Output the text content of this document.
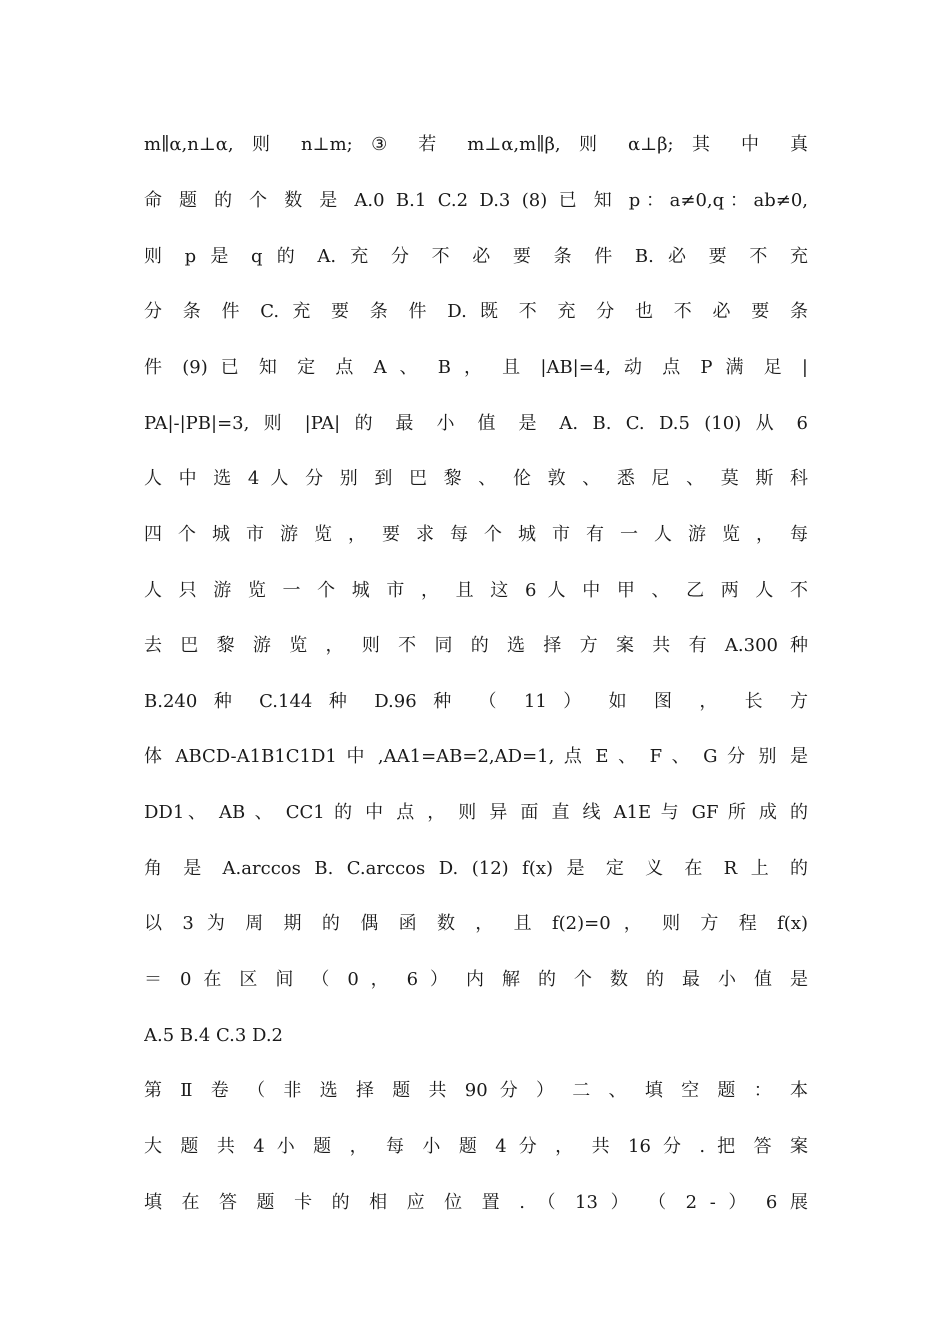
m∥α,n⊥α, 则 n⊥m; ③ 若 m⊥α,m∥β, 则 α⊥β; 其 中 真
命 题 的 个 数 是 A.0 B.1 C.2 D.3 (8) 已 知 p：a≠0,q：ab≠0,
则 p 是 q 的 A. 充 分 不 必 要 条 件 B. 必 要 不 充
分 条 件 C. 充 要 条 件 D. 既 不 充 分 也 不 必 要 条
件 (9) 已 知 定 点 A 、 B ， 且 |AB|=4, 动 点 P 满 足 |
PA|-|PB|=3, 则 |PA| 的 最 小 值 是 A. B. C. D.5 (10) 从 6
人 中 选 4 人 分 别 到 巴 黎 、 伦 敦 、 悉 尼 、 莫 斯 科
四 个 城 市 游 览 ， 要 求 每 个 城 市 有 一 人 游 览 ， 每
人 只 游 览 一 个 城 市 ， 且 这 6 人 中 甲 、 乙 两 人 不
去 巴 黎 游 览 ， 则 不 同 的 选 择 方 案 共 有 A.300 种
B.240 种 C.144 种 D.96 种 （ 11 ） 如 图 ， 长 方
体 ABCD-A1B1C1D1 中 ,AA1=AB=2,AD=1, 点 E 、 F 、 G 分 别 是
DD1、 AB 、 CC1 的 中 点 ， 则 异 面 直 线 A1E 与 GF 所 成 的
角 是 A.arccos B. C.arccos D. (12) f(x) 是 定 义 在 R 上 的
以 3 为 周 期 的 偶 函 数 ， 且 f(2)=0 ， 则 方 程 f(x)
＝ 0 在 区 间 （ 0 ， 6 ） 内 解 的 个 数 的 最 小 值 是
A.5 B.4 C.3 D.2
第 Ⅱ 卷 （ 非 选 择 题 共 90 分 ） 二 、 填 空 题 ： 本
大 题 共 4 小 题 ， 每 小 题 4 分 ， 共 16 分 . 把 答 案
填 在 答 题 卡 的 相 应 位 置 . （ 13 ） （ 2 - ） 6 展
